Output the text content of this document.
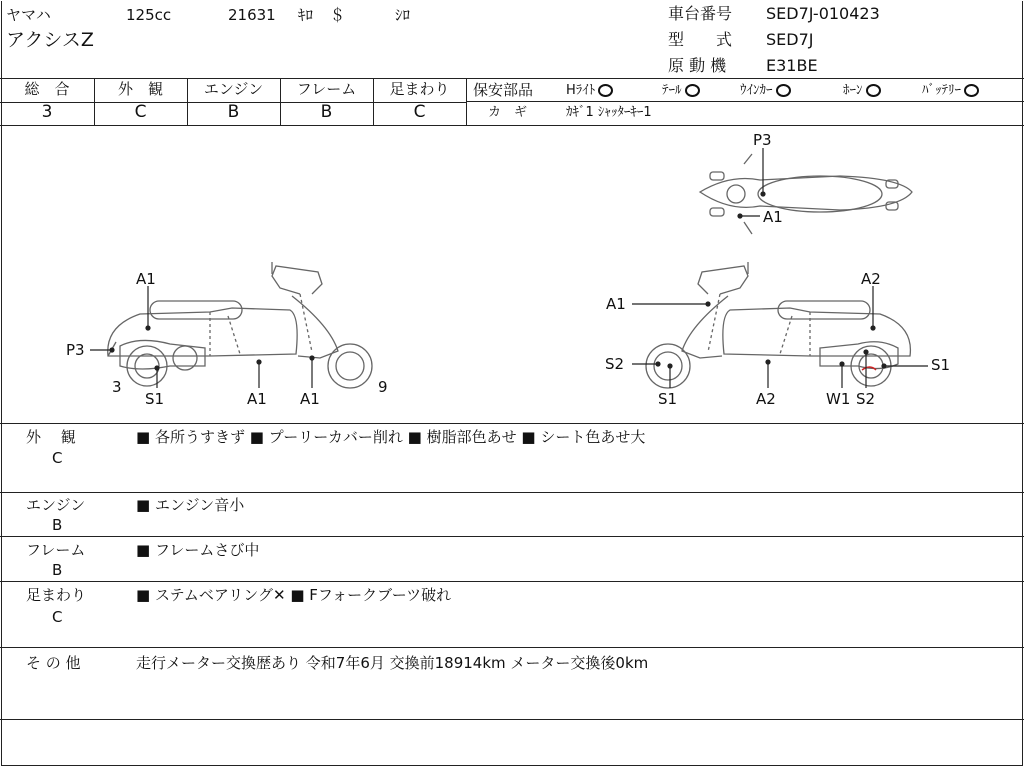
ヤマハ	125cc	21631 ｷﾛ ＄	ｼﾛ
アクシスZ
車台番号 SED7J-010423
型　　式 SED7J
原 動 機 E31BE
総　合
3
外　観
C
エンジン
B
フレーム
B
足まわり
C
保安部品	Hﾗｲﾄ	ﾃｰﾙ	ｳｲﾝｶｰ	ﾎｰﾝ	ﾊﾞｯﾃﾘｰ
カ　ギ	ｶｷﾞ1 ｼｬｯﾀｰｷｰ1
A1
P3
3
S1	A1 A1
9
A1
A2
S2
S1	A2	W1 S2
S1
P3
A1
外　 観
C
■ 各所うすきず ■ プーリーカバー削れ ■ 樹脂部色あせ ■ シート色あせ大
エンジン
B
■ エンジン音小
フレーム
B
■ フレームさび中
足まわり
C
■ ステムベアリング✕ ■ Fフォークブーツ破れ
そ の 他	走行メーター交換歴あり 令和7年6月 交換前18914km メーター交換後0km
